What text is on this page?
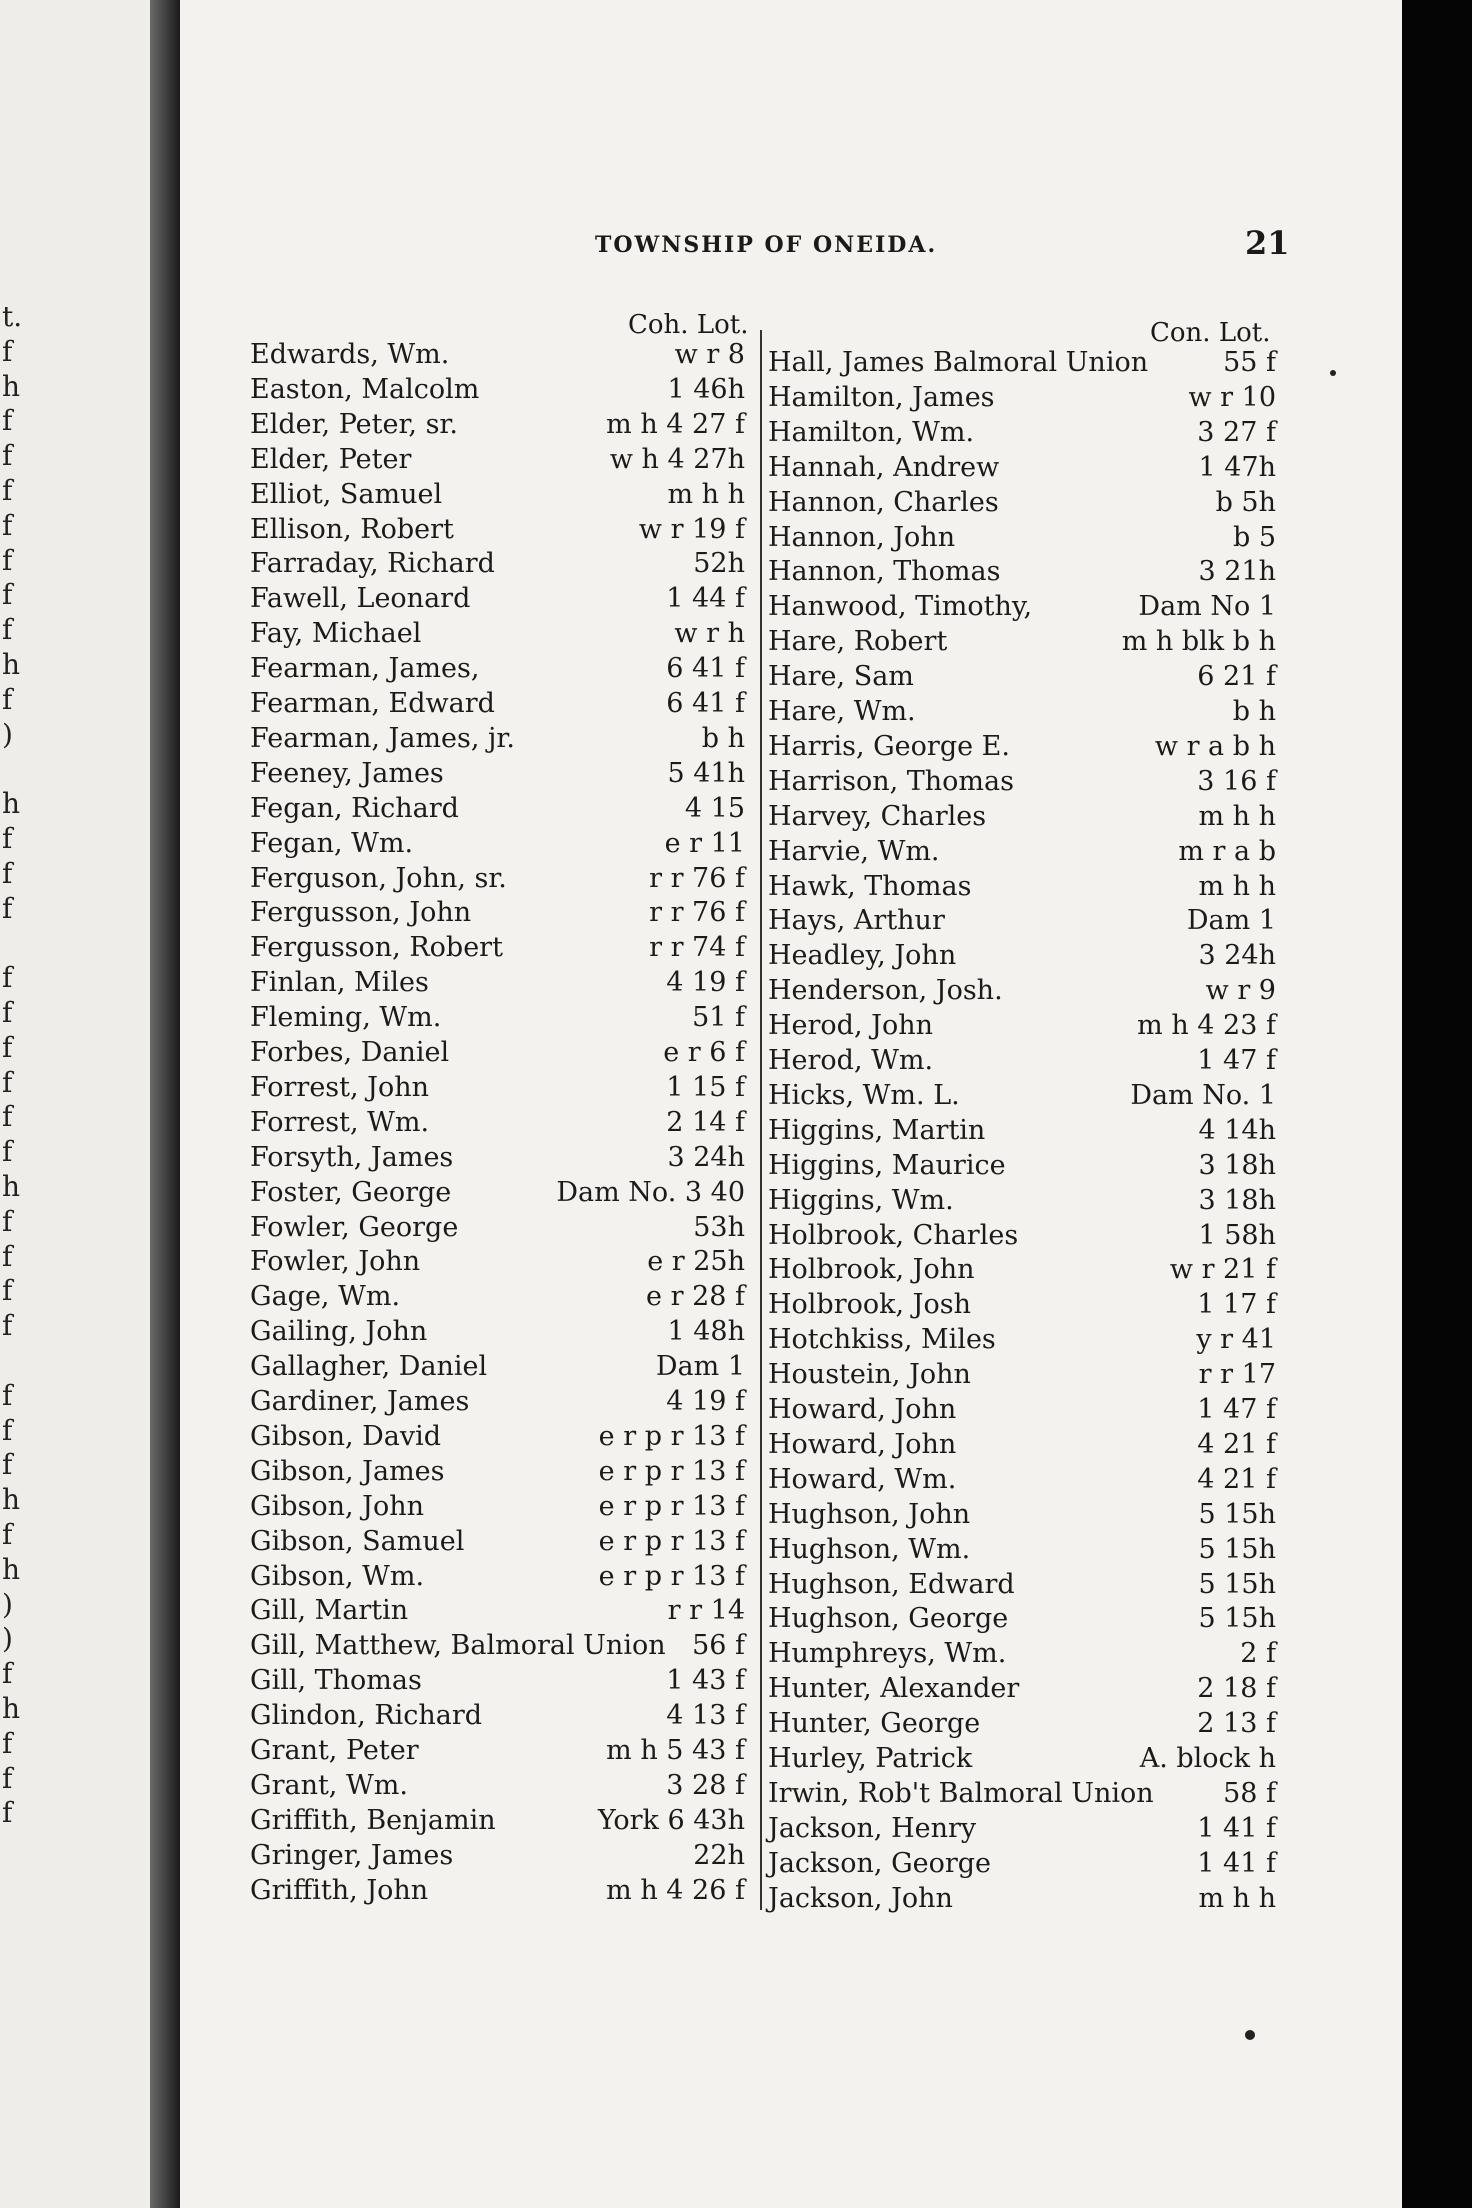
t.
f
h
f
f
f
f
f
f
f
h
f
)
h
f
f
f
f
f
f
f
f
f
h
f
f
f
f
f
f
f
h
f
h
)
)
f
h
f
f
f
TOWNSHIP OF ONEIDA.	21
Coh. Lot.	Con. Lot.
Edwards, Wm.	w r 8
Easton, Malcolm	1 46h
Elder, Peter, sr.	m h 4 27 f
Elder, Peter	w h 4 27h
Elliot, Samuel	m h h
Ellison, Robert	w r 19 f
Farraday, Richard	52h
Fawell, Leonard	1 44 f
Fay, Michael	w r h
Fearman, James,	6 41 f
Fearman, Edward	6 41 f
Fearman, James, jr.	b h
Feeney, James	5 41h
Fegan, Richard	4 15
Fegan, Wm.	e r 11
Ferguson, John, sr.	r r 76 f
Fergusson, John	r r 76 f
Fergusson, Robert	r r 74 f
Finlan, Miles	4 19 f
Fleming, Wm.	51 f
Forbes, Daniel	e r 6 f
Forrest, John	1 15 f
Forrest, Wm.	2 14 f
Forsyth, James	3 24h
Foster, George	Dam No. 3 40
Fowler, George	53h
Fowler, John	e r 25h
Gage, Wm.	e r 28 f
Gailing, John	1 48h
Gallagher, Daniel	Dam 1
Gardiner, James	4 19 f
Gibson, David	e r p r 13 f
Gibson, James	e r p r 13 f
Gibson, John	e r p r 13 f
Gibson, Samuel	e r p r 13 f
Gibson, Wm.	e r p r 13 f
Gill, Martin	r r 14
Gill, Matthew, Balmoral Union 56 f
Gill, Thomas	1 43 f
Glindon, Richard	4 13 f
Grant, Peter	m h 5 43 f
Grant, Wm.	3 28 f
Griffith, Benjamin	York 6 43h
Gringer, James	22h
Griffith, John	m h 4 26 f
Hall, James Balmoral Union	55 f
Hamilton, James	w r 10
Hamilton, Wm.	3 27 f
Hannah, Andrew	1 47h
Hannon, Charles	b 5h
Hannon, John	b 5
Hannon, Thomas	3 21h
Hanwood, Timothy,	Dam No 1
Hare, Robert	m h blk b h
Hare, Sam	6 21 f
Hare, Wm.	b h
Harris, George E.	w r a b h
Harrison, Thomas	3 16 f
Harvey, Charles	m h h
Harvie, Wm.	m r a b
Hawk, Thomas	m h h
Hays, Arthur	Dam 1
Headley, John	3 24h
Henderson, Josh.	w r 9
Herod, John	m h 4 23 f
Herod, Wm.	1 47 f
Hicks, Wm. L.	Dam No. 1
Higgins, Martin	4 14h
Higgins, Maurice	3 18h
Higgins, Wm.	3 18h
Holbrook, Charles	1 58h
Holbrook, John	w r 21 f
Holbrook, Josh	1 17 f
Hotchkiss, Miles	y r 41
Houstein, John	r r 17
Howard, John	1 47 f
Howard, John	4 21 f
Howard, Wm.	4 21 f
Hughson, John	5 15h
Hughson, Wm.	5 15h
Hughson, Edward	5 15h
Hughson, George	5 15h
Humphreys, Wm.	2 f
Hunter, Alexander	2 18 f
Hunter, George	2 13 f
Hurley, Patrick	A. block h
Irwin, Rob't Balmoral Union	58 f
Jackson, Henry	1 41 f
Jackson, George	1 41 f
Jackson, John	m h h
